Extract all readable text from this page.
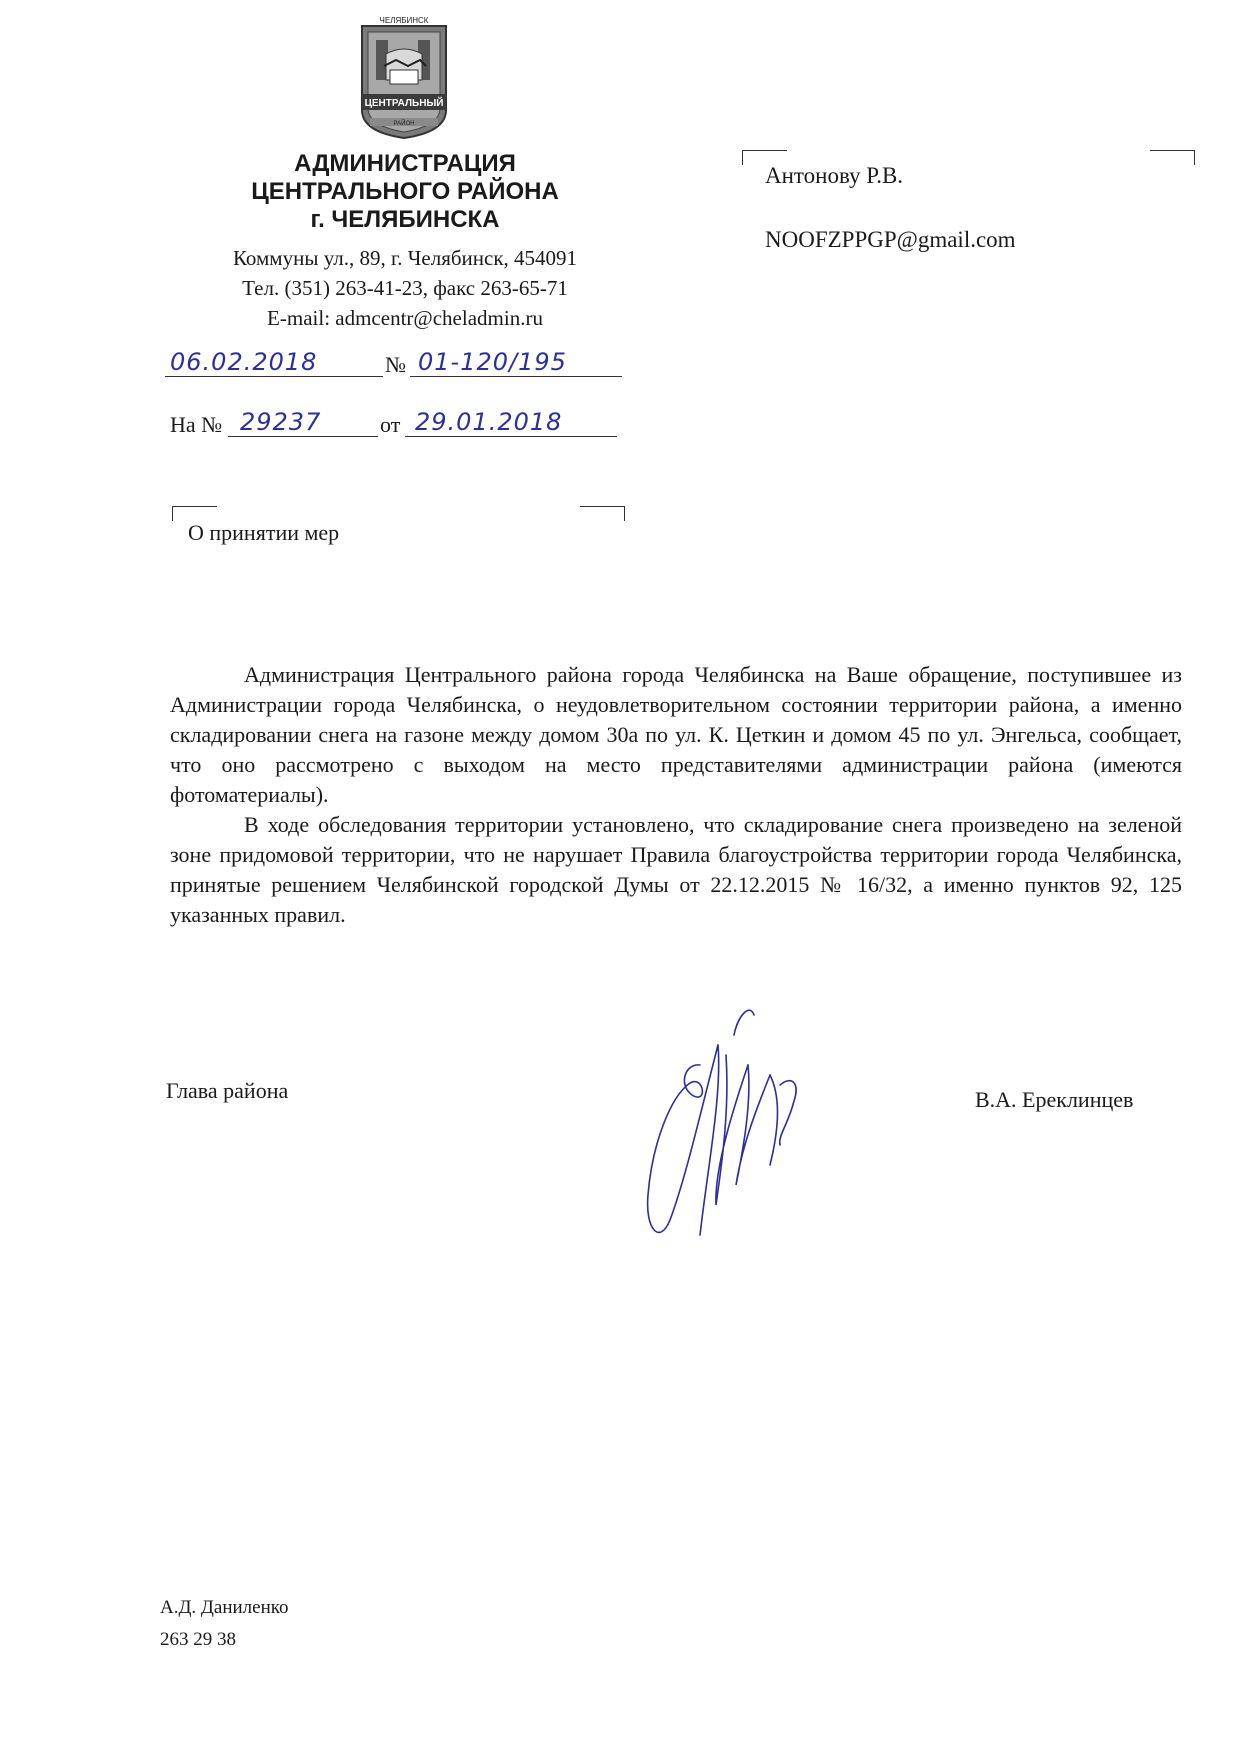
ЧЕЛЯБИНСК
ЦЕНТРАЛЬНЫЙ
РАЙОН
АДМИНИСТРАЦИЯ
ЦЕНТРАЛЬНОГО РАЙОНА
г. ЧЕЛЯБИНСКА
Коммуны ул., 89, г. Челябинск, 454091
Тел. (351) 263-41-23, факс 263-65-71
E-mail: admcentr@cheladmin.ru
Антонову Р.В.
NOOFZPPGP@gmail.com
06.02.2018	№ 01-120/195
На № 29237	от 29.01.2018
О принятии мер

Администрация Центрального района города Челябинска на Ваше обращение, поступившее из Администрации города Челябинска, о неудовлетворительном состоянии территории района, а именно складировании снега на газоне между домом 30а по ул. К. Цеткин и домом 45 по ул. Энгельса, сообщает, что оно рассмотрено с выходом на место представителями администрации района (имеются фотоматериалы).

В ходе обследования территории установлено, что складирование снега произведено на зеленой зоне придомовой территории, что не нарушает Правила благоустройства территории города Челябинска, принятые решением Челябинской городской Думы от 22.12.2015 № 16/32, а именно пунктов 92, 125 указанных правил.

Глава района	В.А. Ереклинцев
А.Д. Даниленко
263 29 38
